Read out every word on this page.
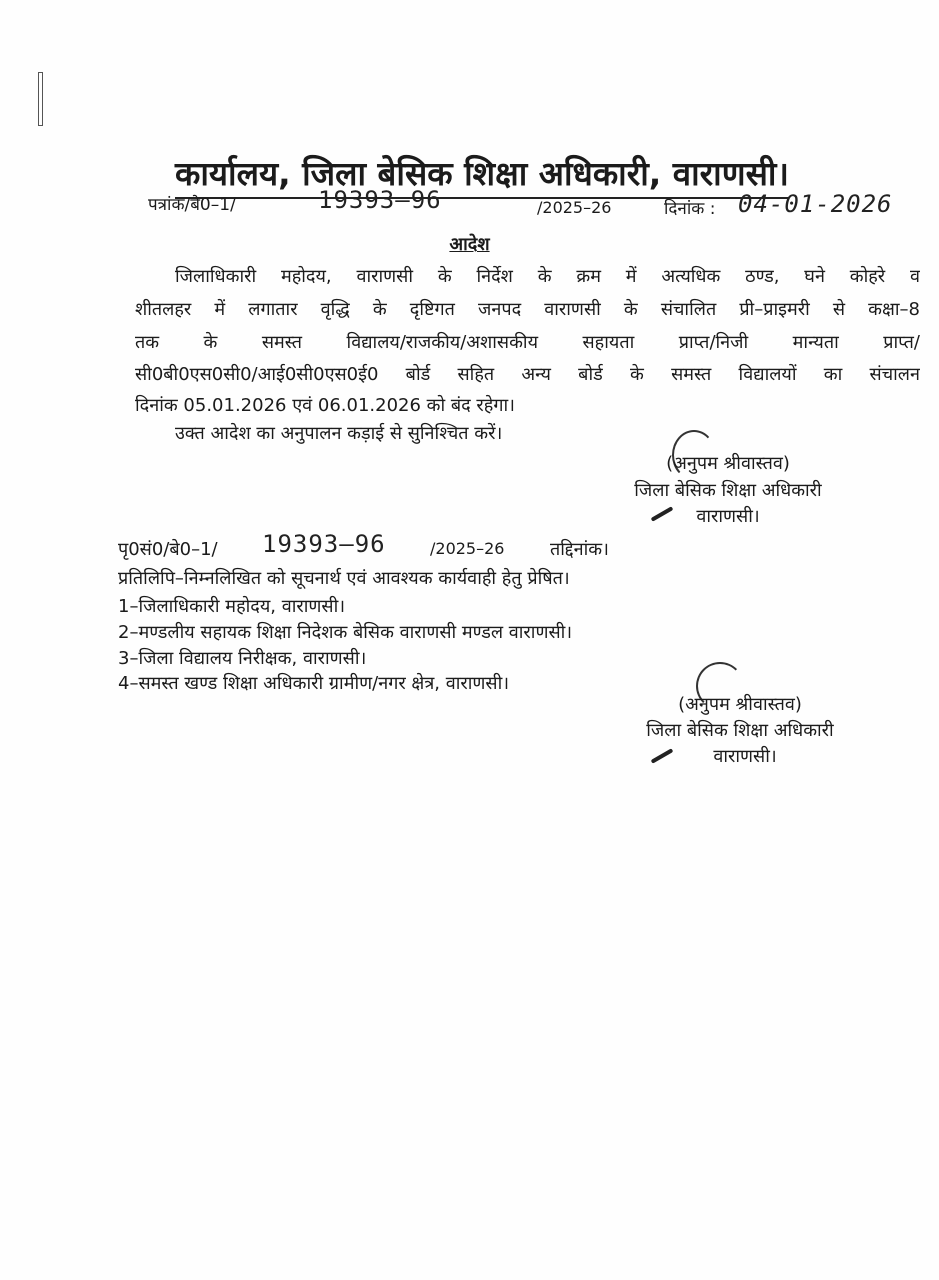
कार्यालय, जिला बेसिक शिक्षा अधिकारी, वाराणसी।
पत्रांक/बे0–1/	19393–96	/2025–26	दिनांक : 04-01-2026
आदेश
जिलाधिकारी महोदय, वाराणसी के निर्देश के क्रम में अत्यधिक ठण्ड, घने कोहरे व
शीतलहर में लगातार वृद्धि के दृष्टिगत जनपद वाराणसी के संचालित प्री–प्राइमरी से कक्षा–8
तक के समस्त विद्यालय/राजकीय/अशासकीय सहायता प्राप्त/निजी मान्यता प्राप्त/
सी0बी0एस0सी0/आई0सी0एस0ई0 बोर्ड सहित अन्य बोर्ड के समस्त विद्यालयों का संचालन
दिनांक 05.01.2026 एवं 06.01.2026 को बंद रहेगा।
उक्त आदेश का अनुपालन कड़ाई से सुनिश्चित करें।
(अनुपम श्रीवास्तव)
जिला बेसिक शिक्षा अधिकारी
वाराणसी।
पृ0सं0/बे0–1/ 19393–96	/2025–26	तद्दिनांक।
प्रतिलिपि–निम्नलिखित को सूचनार्थ एवं आवश्यक कार्यवाही हेतु प्रेषित।
1–जिलाधिकारी महोदय, वाराणसी।
2–मण्डलीय सहायक शिक्षा निदेशक बेसिक वाराणसी मण्डल वाराणसी।
3–जिला विद्यालय निरीक्षक, वाराणसी।
4–समस्त खण्ड शिक्षा अधिकारी ग्रामीण/नगर क्षेत्र, वाराणसी।
(अनुपम श्रीवास्तव)
जिला बेसिक शिक्षा अधिकारी
वाराणसी।
